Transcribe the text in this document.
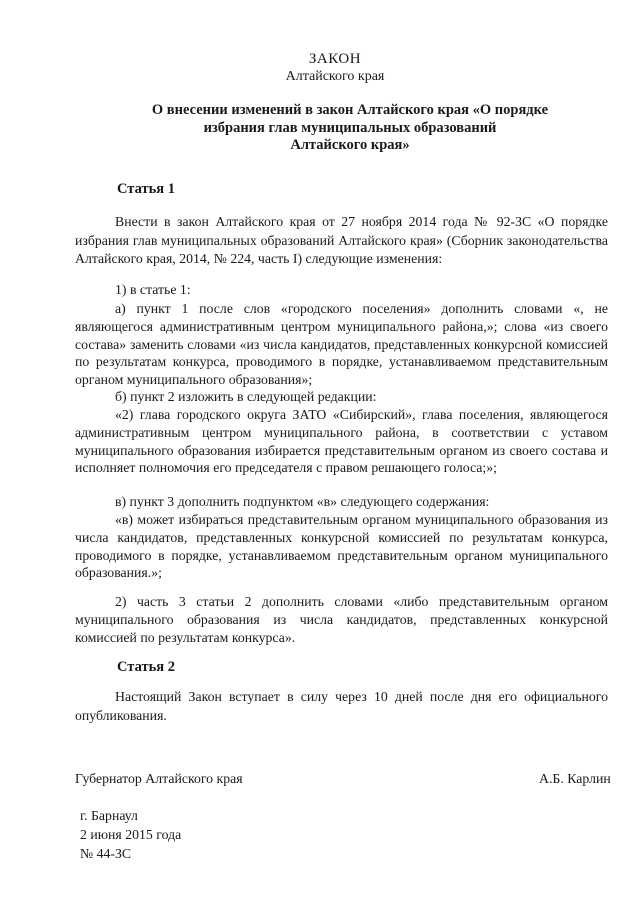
ЗАКОН
Алтайского края
О внесении изменений в закон Алтайского края «О порядке
избрания глав муниципальных образований
Алтайского края»
Статья 1
Внести в закон Алтайского края от 27 ноября 2014 года № 92-ЗС «О порядке избрания глав муниципальных образований Алтайского края» (Сборник законодательства Алтайского края, 2014, № 224, часть I) следующие изменения:
1) в статье 1:
а) пункт 1 после слов «городского поселения» дополнить словами «, не являющегося административным центром муниципального района,»; слова «из своего состава» заменить словами «из числа кандидатов, представленных конкурсной комиссией по результатам конкурса, проводимого в порядке, устанавливаемом представительным органом муниципального образования»;
б) пункт 2 изложить в следующей редакции:
«2) глава городского округа ЗАТО «Сибирский», глава поселения, являющегося административным центром муниципального района, в соответствии с уставом муниципального образования избирается представительным органом из своего состава и исполняет полномочия его председателя с правом решающего голоса;»;
в) пункт 3 дополнить подпунктом «в» следующего содержания:
«в) может избираться представительным органом муниципального образования из числа кандидатов, представленных конкурсной комиссией по результатам конкурса, проводимого в порядке, устанавливаемом представительным органом муниципального образования.»;
2) часть 3 статьи 2 дополнить словами «либо представительным органом муниципального образования из числа кандидатов, представленных конкурсной комиссией по результатам конкурса».
Статья 2
Настоящий Закон вступает в силу через 10 дней после дня его официального опубликования.
Губернатор Алтайского края	А.Б. Карлин
г. Барнаул
2 июня 2015 года
№ 44-ЗС
